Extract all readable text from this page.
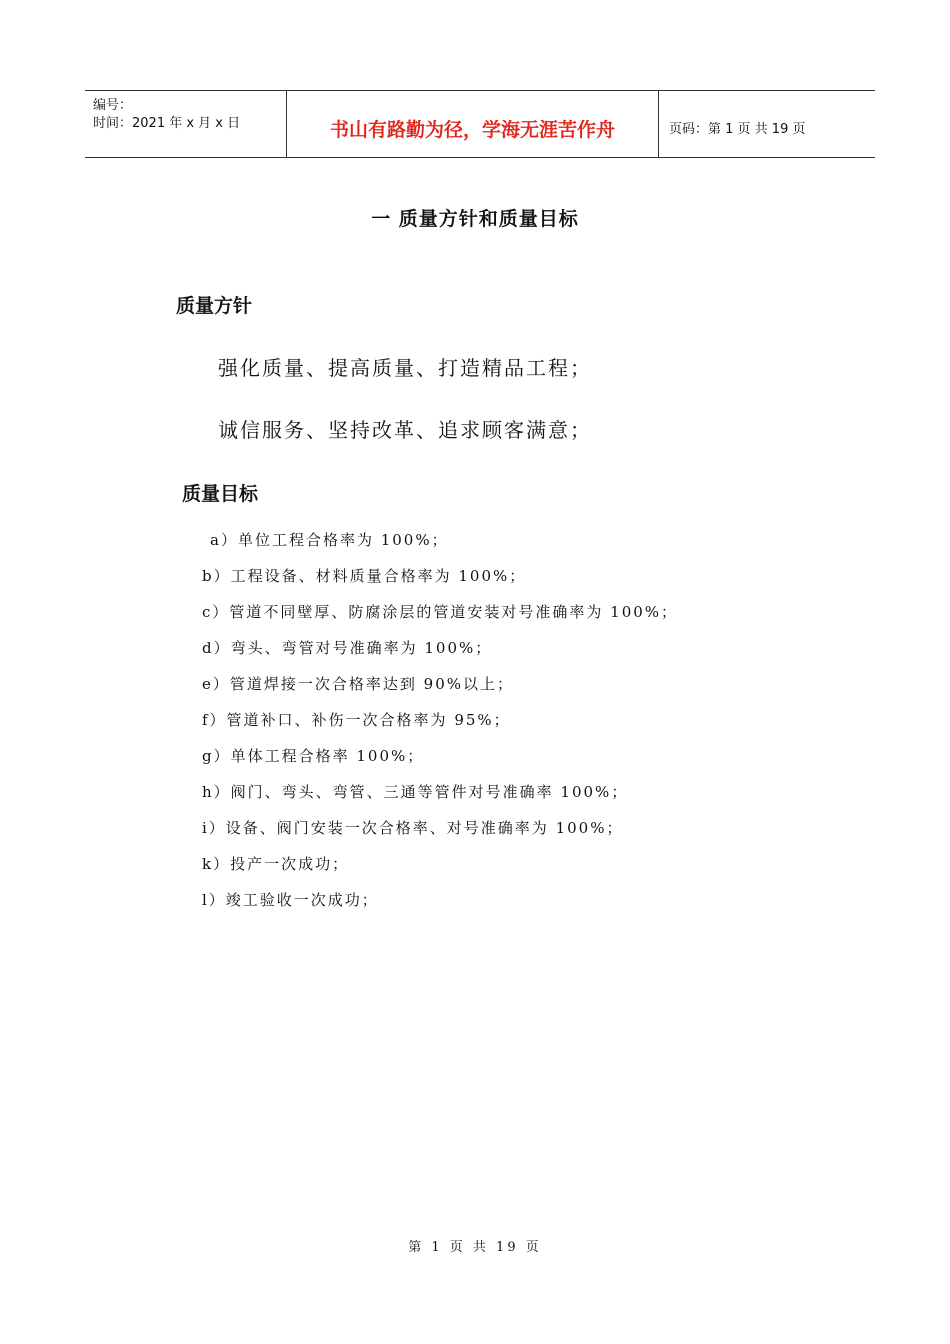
编号：
时间：2021 年 x 月 x 日	书山有路勤为径，学海无涯苦作舟	页码：第 1 页 共 19 页
一 质量方针和质量目标
质量方针
强化质量、提高质量、打造精品工程；
诚信服务、坚持改革、追求顾客满意；
质量目标
a）单位工程合格率为 100%；
b）工程设备、材料质量合格率为 100%；
c）管道不同壁厚、防腐涂层的管道安装对号准确率为 100%；
d）弯头、弯管对号准确率为 100%；
e）管道焊接一次合格率达到 90%以上；
f）管道补口、补伤一次合格率为 95%；
g）单体工程合格率 100%；
h）阀门、弯头、弯管、三通等管件对号准确率 100%；
i）设备、阀门安装一次合格率、对号准确率为 100%；
k）投产一次成功；
l）竣工验收一次成功；
第 1 页 共 19 页
